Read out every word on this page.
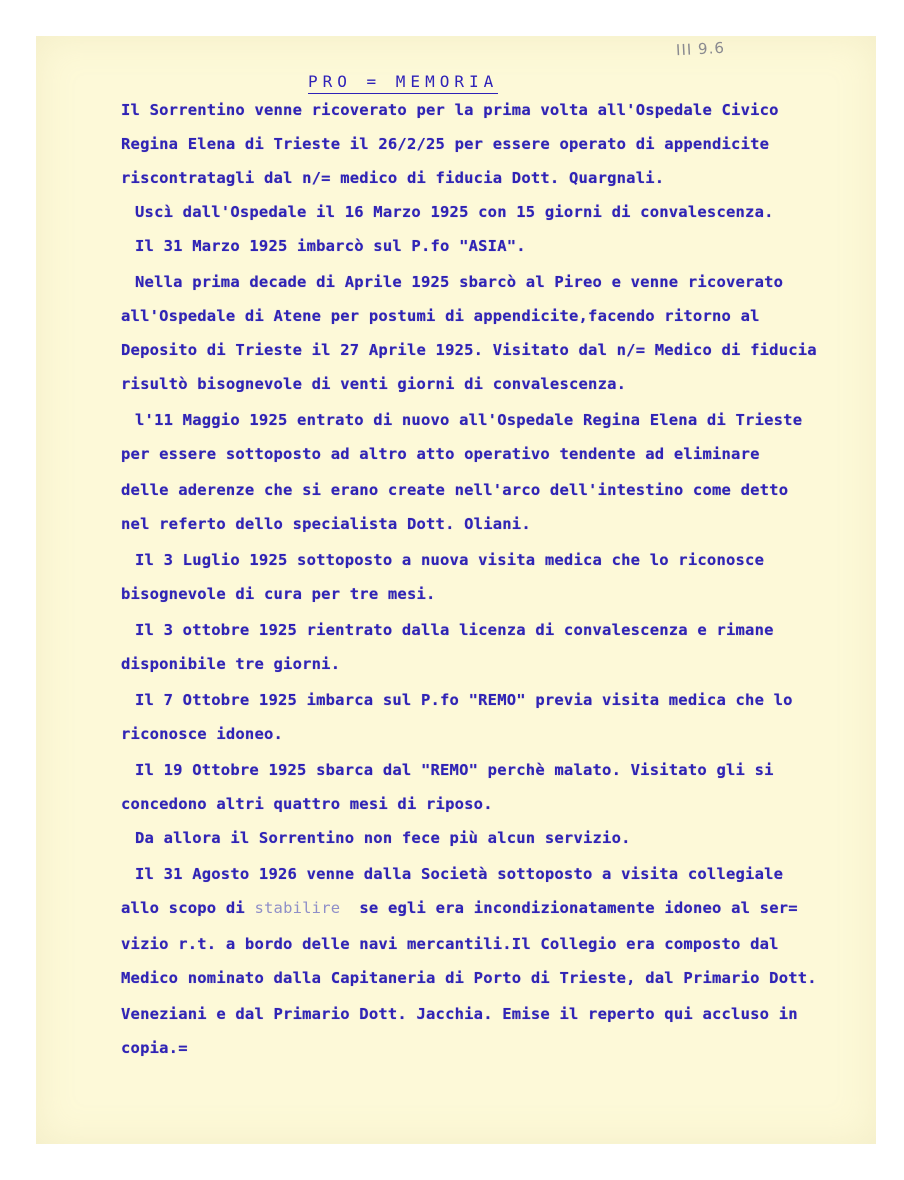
III 9.6
PRO = MEMORIA
Il Sorrentino venne ricoverato per la prima volta all'Ospedale Civico
Regina Elena di Trieste il 26/2/25 per essere operato di appendicite
riscontratagli dal n/= medico di fiducia Dott. Quargnali.
Uscì dall'Ospedale il 16 Marzo 1925 con 15 giorni di convalescenza.
Il 31 Marzo 1925 imbarcò sul P.fo "ASIA".
Nella prima decade di Aprile 1925 sbarcò al Pireo e venne ricoverato
all'Ospedale di Atene per postumi di appendicite,facendo ritorno al
Deposito di Trieste il 27 Aprile 1925. Visitato dal n/= Medico di fiducia
risultò bisognevole di venti giorni di convalescenza.
l'11 Maggio 1925 entrato di nuovo all'Ospedale Regina Elena di Trieste
per essere sottoposto ad altro atto operativo tendente ad eliminare
delle aderenze che si erano create nell'arco dell'intestino come detto
nel referto dello specialista Dott. Oliani.
Il 3 Luglio 1925 sottoposto a nuova visita medica che lo riconosce
bisognevole di cura per tre mesi.
Il 3 ottobre 1925 rientrato dalla licenza di convalescenza e rimane
disponibile tre giorni.
Il 7 Ottobre 1925 imbarca sul P.fo "REMO" previa visita medica che lo
riconosce idoneo.
Il 19 Ottobre 1925 sbarca dal "REMO" perchè malato. Visitato gli si
concedono altri quattro mesi di riposo.
Da allora il Sorrentino non fece più alcun servizio.
Il 31 Agosto 1926 venne dalla Società sottoposto a visita collegiale
allo scopo di stabilire se egli era incondizionatamente idoneo al ser=
vizio r.t. a bordo delle navi mercantili.Il Collegio era composto dal
Medico nominato dalla Capitaneria di Porto di Trieste, dal Primario Dott.
Veneziani e dal Primario Dott. Jacchia. Emise il reperto qui accluso in
copia.=
